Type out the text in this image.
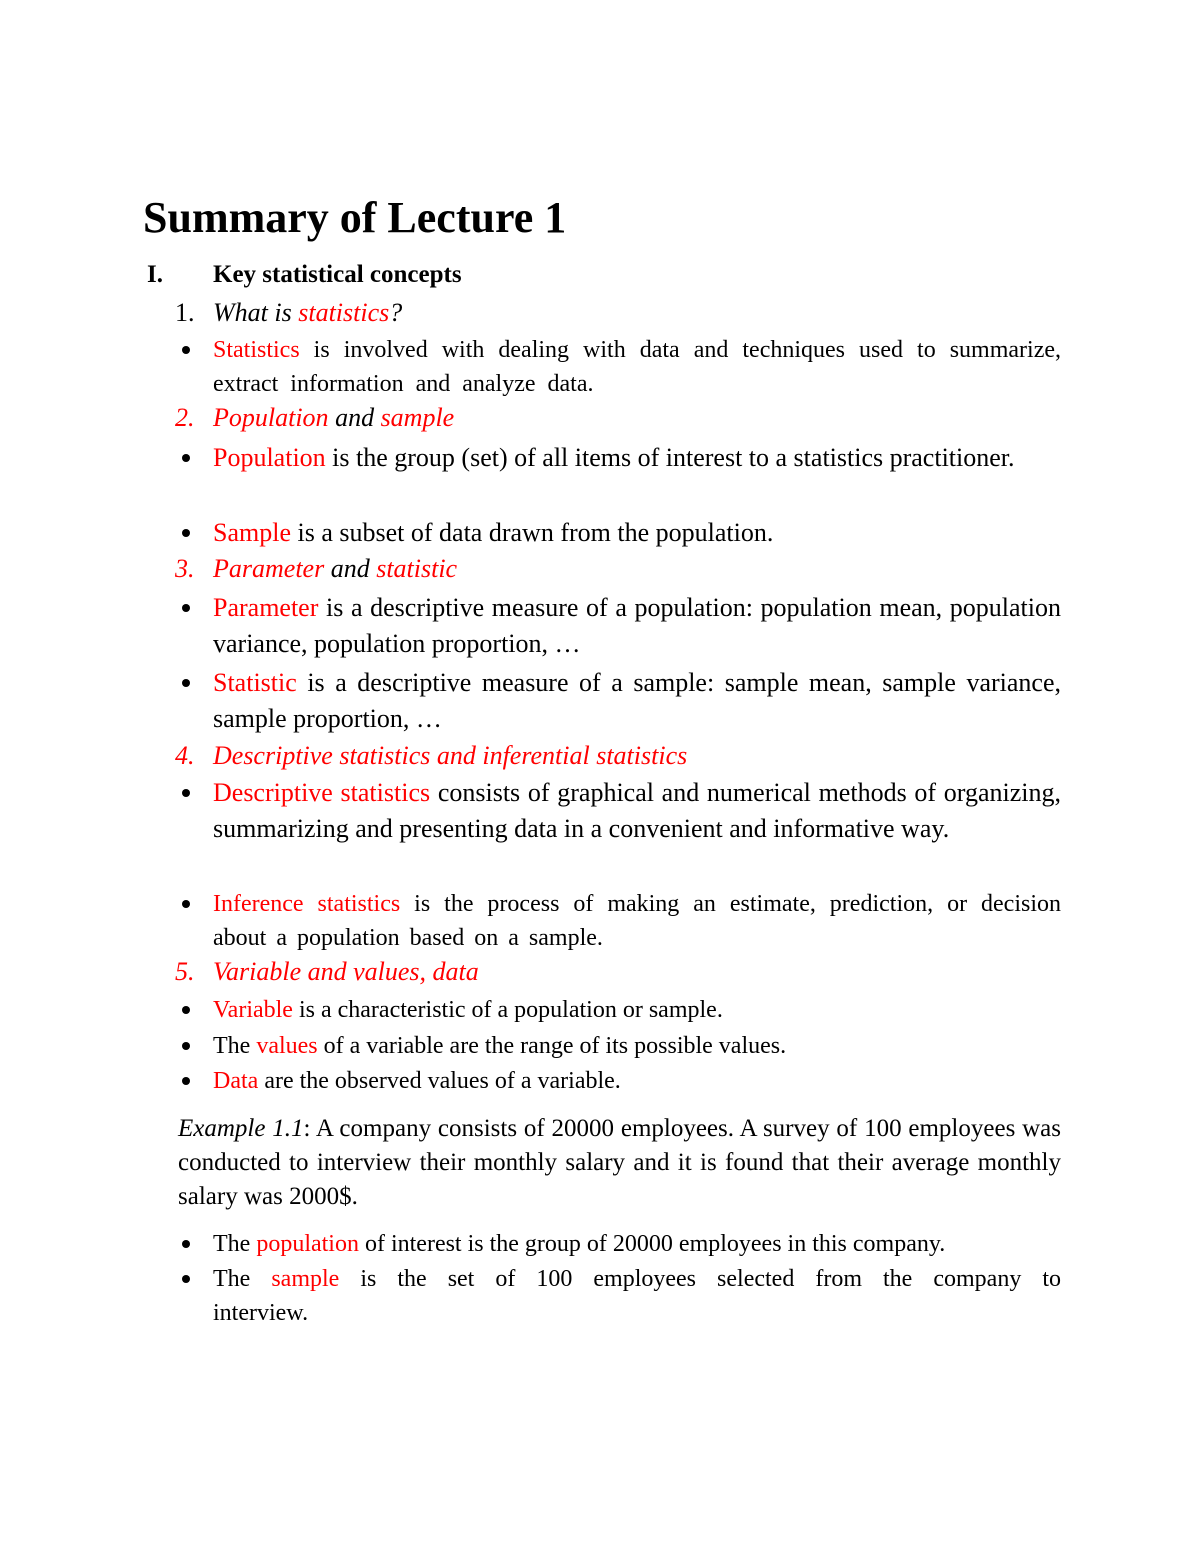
Summary of Lecture 1
I. Key statistical concepts
1. What is statistics?
Statistics is involved with dealing with data and techniques used to summarize, extract information and analyze data.
2. Population and sample
Population is the group (set) of all items of interest to a statistics practitioner.
Sample is a subset of data drawn from the population.
3. Parameter and statistic
Parameter is a descriptive measure of a population: population mean, population variance, population proportion, …
Statistic is a descriptive measure of a sample: sample mean, sample variance, sample proportion, …
4. Descriptive statistics and inferential statistics
Descriptive statistics consists of graphical and numerical methods of organizing, summarizing and presenting data in a convenient and informative way.
Inference statistics is the process of making an estimate, prediction, or decision about a population based on a sample.
5. Variable and values, data
Variable is a characteristic of a population or sample.
The values of a variable are the range of its possible values.
Data are the observed values of a variable.
Example 1.1: A company consists of 20000 employees. A survey of 100 employees was conducted to interview their monthly salary and it is found that their average monthly salary was 2000$.
The population of interest is the group of 20000 employees in this company.
The sample is the set of 100 employees selected from the company to interview.
